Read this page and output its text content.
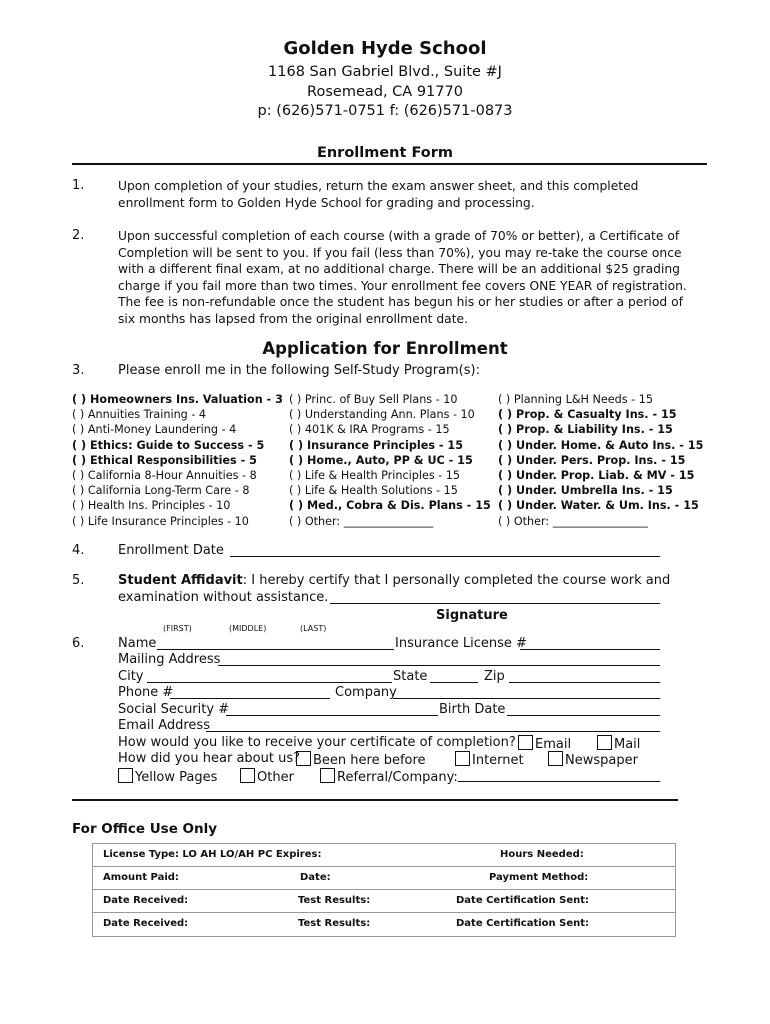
Golden Hyde School
1168 San Gabriel Blvd., Suite #J
Rosemead, CA 91770
p: (626)571-0751 f: (626)571-0873
Enrollment Form
1.	Upon completion of your studies, return the exam answer sheet, and this completed enrollment form to Golden Hyde School for grading and processing.
2.	Upon successful completion of each course (with a grade of 70% or better), a Certificate of Completion will be sent to you. If you fail (less than 70%), you may re-take the course once with a different final exam, at no additional charge. There will be an additional $25 grading charge if you fail more than two times. Your enrollment fee covers ONE YEAR of registration. The fee is non-refundable once the student has begun his or her studies or after a period of six months has lapsed from the original enrollment date.
Application for Enrollment
3.	Please enroll me in the following Self-Study Program(s):
( ) Homeowners Ins. Valuation - 3
( ) Annuities Training - 4
( ) Anti-Money Laundering - 4
( ) Ethics: Guide to Success - 5
( ) Ethical Responsibilities - 5
( ) California 8-Hour Annuities - 8
( ) California Long-Term Care - 8
( ) Health Ins. Principles - 10
( ) Life Insurance Principles - 10
( ) Princ. of Buy Sell Plans - 10
( ) Understanding Ann. Plans - 10
( ) 401K & IRA Programs - 15
( ) Insurance Principles - 15
( ) Home., Auto, PP & UC - 15
( ) Life & Health Principles - 15
( ) Life & Health Solutions - 15
( ) Med., Cobra & Dis. Plans - 15
( ) Other: ________________
( ) Planning L&H Needs - 15
( ) Prop. & Casualty Ins. - 15
( ) Prop. & Liability Ins. - 15
( ) Under. Home. & Auto Ins. - 15
( ) Under. Pers. Prop. Ins. - 15
( ) Under. Prop. Liab. & MV - 15
( ) Under. Umbrella Ins. - 15
( ) Under. Water. & Um. Ins. - 15
( ) Other: _________________
4.	Enrollment Date
5.	Student Affidavit: I hereby certify that I personally completed the course work and
examination without assistance.
Signature
(FIRST)	(MIDDLE)	(LAST)
6.	Name	Insurance License #
Mailing Address
City	State	Zip
Phone #	Company
Social Security #	Birth Date
Email Address
How would you like to receive your certificate of completion?	Email	Mail
How did you hear about us?	Been here before	Internet	Newspaper
Yellow Pages	Other	Referral/Company:
For Office Use Only
License Type: LO AH LO/AH PC Expires:	Hours Needed:
Amount Paid:	Date:	Payment Method:
Date Received:	Test Results:	Date Certification Sent:
Date Received:	Test Results:	Date Certification Sent:
